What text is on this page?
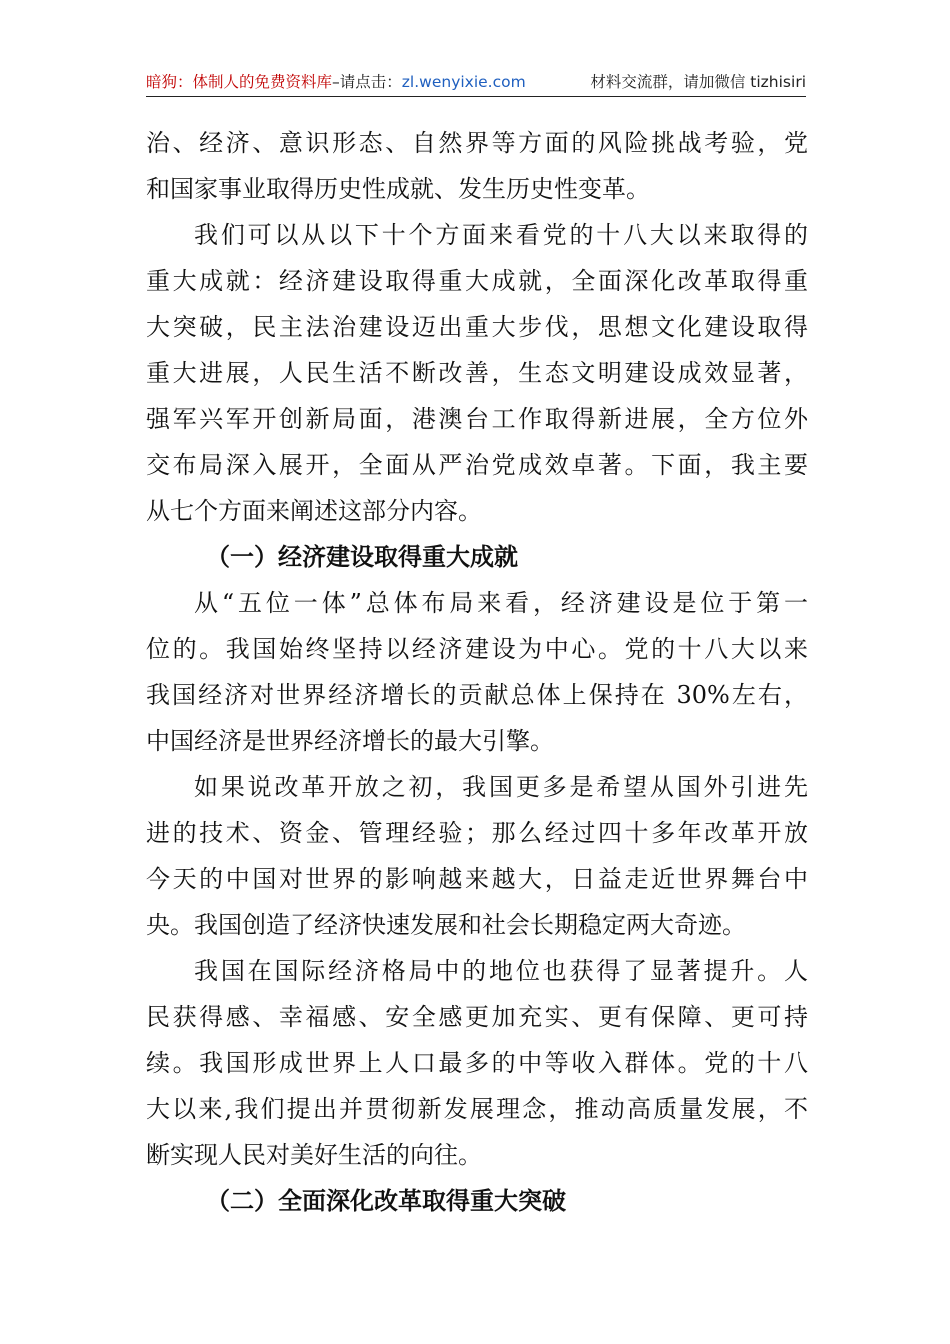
暗狗：体制人的免费资料库–请点击：zl.wenyixie.com	材料交流群，请加微信 tizhisiri
治、经济、意识形态、自然界等方面的风险挑战考验，党
和国家事业取得历史性成就、发生历史性变革。
我们可以从以下十个方面来看党的十八大以来取得的
重大成就：经济建设取得重大成就，全面深化改革取得重
大突破，民主法治建设迈出重大步伐，思想文化建设取得
重大进展，人民生活不断改善，生态文明建设成效显著，
强军兴军开创新局面，港澳台工作取得新进展，全方位外
交布局深入展开，全面从严治党成效卓著。下面，我主要
从七个方面来阐述这部分内容。
（一）经济建设取得重大成就
从“五位一体”总体布局来看，经济建设是位于第一
位的。我国始终坚持以经济建设为中心。党的十八大以来
我国经济对世界经济增长的贡献总体上保持在 30%左右，
中国经济是世界经济增长的最大引擎。
如果说改革开放之初，我国更多是希望从国外引进先
进的技术、资金、管理经验；那么经过四十多年改革开放
今天的中国对世界的影响越来越大，日益走近世界舞台中
央。我国创造了经济快速发展和社会长期稳定两大奇迹。
我国在国际经济格局中的地位也获得了显著提升。人
民获得感、幸福感、安全感更加充实、更有保障、更可持
续。我国形成世界上人口最多的中等收入群体。党的十八
大以来,我们提出并贯彻新发展理念，推动高质量发展，不
断实现人民对美好生活的向往。
（二）全面深化改革取得重大突破
